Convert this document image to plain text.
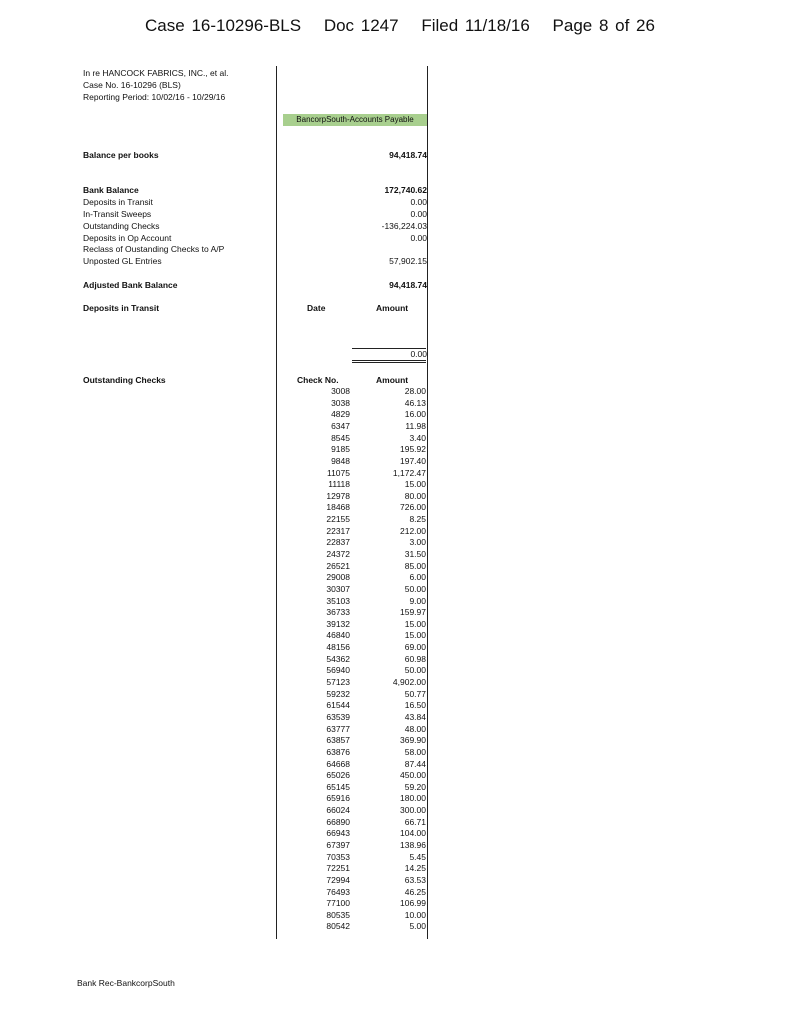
Case 16-10296-BLS Doc 1247 Filed 11/18/16 Page 8 of 26
In re HANCOCK FABRICS, INC., et al.
Case No. 16-10296 (BLS)
Reporting Period: 10/02/16 - 10/29/16
BancorpSouth-Accounts Payable
Balance per books	94,418.74
Bank Balance	172,740.62
Deposits in Transit	0.00
In-Transit Sweeps	0.00
Outstanding Checks	-136,224.03
Deposits in Op Account	0.00
Reclass of Oustanding Checks to A/P
Unposted GL Entries	57,902.15
Adjusted Bank Balance	94,418.74
Deposits in Transit	Date	Amount
0.00
Outstanding Checks	Check No.	Amount
3008	28.00
3038	46.13
4829	16.00
6347	11.98
8545	3.40
9185	195.92
9848	197.40
11075	1,172.47
11118	15.00
12978	80.00
18468	726.00
22155	8.25
22317	212.00
22837	3.00
24372	31.50
26521	85.00
29008	6.00
30307	50.00
35103	9.00
36733	159.97
39132	15.00
46840	15.00
48156	69.00
54362	60.98
56940	50.00
57123	4,902.00
59232	50.77
61544	16.50
63539	43.84
63777	48.00
63857	369.90
63876	58.00
64668	87.44
65026	450.00
65145	59.20
65916	180.00
66024	300.00
66890	66.71
66943	104.00
67397	138.96
70353	5.45
72251	14.25
72994	63.53
76493	46.25
77100	106.99
80535	10.00
80542	5.00
Bank Rec-BankcorpSouth
